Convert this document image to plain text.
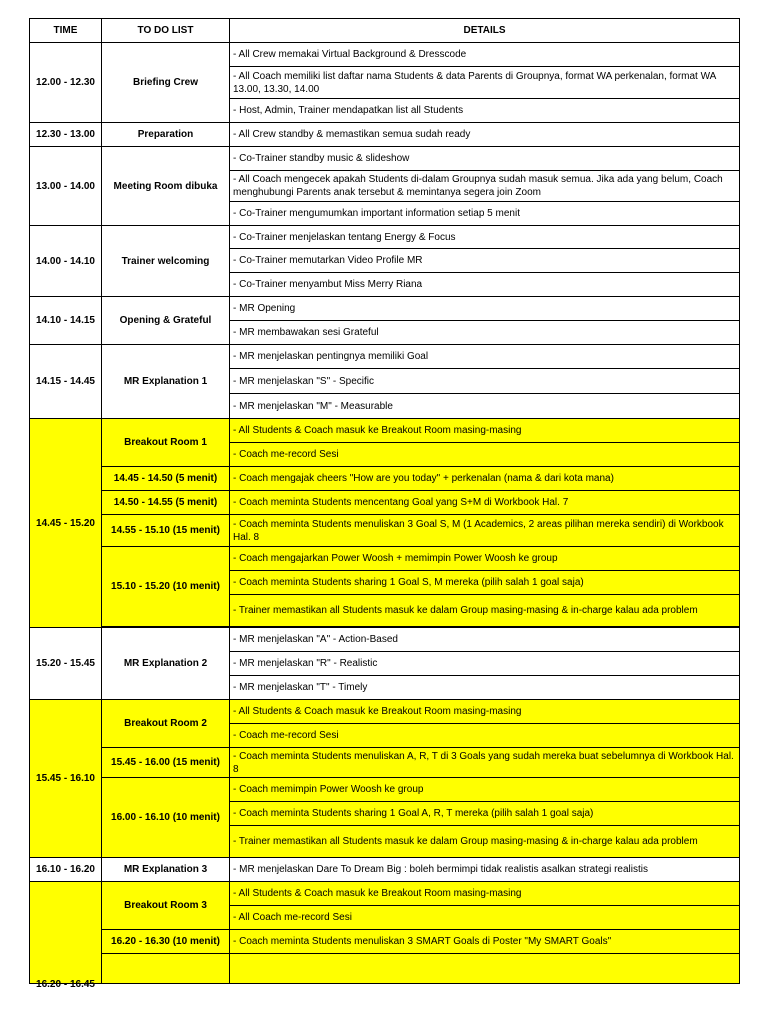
TIME	TO DO LIST	DETAILS
12.00 - 12.30	Briefing Crew	- All Crew memakai Virtual Background & Dresscode
		- All Coach memiliki list daftar nama Students & data Parents di Groupnya, format WA perkenalan, format WA 13.00, 13.30, 14.00
		- Host, Admin, Trainer mendapatkan list all Students
12.30 - 13.00	Preparation	- All Crew standby & memastikan semua sudah ready
13.00 - 14.00	Meeting Room dibuka	- Co-Trainer standby music & slideshow
		- All Coach mengecek apakah Students di-dalam Groupnya sudah masuk semua. Jika ada yang belum, Coach menghubungi Parents anak tersebut & memintanya segera join Zoom
		- Co-Trainer mengumumkan important information setiap 5 menit
14.00 - 14.10	Trainer welcoming	- Co-Trainer menjelaskan tentang Energy & Focus
		- Co-Trainer memutarkan Video Profile MR
		- Co-Trainer menyambut Miss Merry Riana
14.10 - 14.15	Opening & Grateful	- MR Opening
		- MR membawakan sesi Grateful
14.15 - 14.45	MR Explanation 1	- MR menjelaskan pentingnya memiliki Goal
		- MR menjelaskan "S" - Specific
		- MR menjelaskan "M" - Measurable
14.45 - 15.20	Breakout Room 1	- All Students & Coach masuk ke Breakout Room masing-masing
		- Coach me-record Sesi
	14.45 - 14.50 (5 menit)	- Coach mengajak cheers "How are you today" + perkenalan (nama & dari kota mana)
	14.50 - 14.55 (5 menit)	- Coach meminta Students mencentang Goal yang S+M di Workbook Hal. 7
	14.55 - 15.10 (15 menit)	- Coach meminta Students menuliskan 3 Goal S, M (1 Academics, 2 areas pilihan mereka sendiri) di Workbook Hal. 8
	15.10 - 15.20 (10 menit)	- Coach mengajarkan Power Woosh + memimpin Power Woosh ke group
		- Coach meminta Students sharing 1 Goal S, M mereka (pilih salah 1 goal saja)
		- Trainer memastikan all Students masuk ke dalam Group masing-masing & in-charge kalau ada problem

15.20 - 15.45	MR Explanation 2	- MR menjelaskan "A" - Action-Based
		- MR menjelaskan "R" - Realistic
		- MR menjelaskan "T" - Timely
15.45 - 16.10	Breakout Room 2	- All Students & Coach masuk ke Breakout Room masing-masing
		- Coach me-record Sesi
	15.45 - 16.00 (15 menit)	- Coach meminta Students menuliskan A, R, T di 3 Goals yang sudah mereka buat sebelumnya di Workbook Hal. 8
	16.00 - 16.10 (10 menit)	- Coach memimpin Power Woosh ke group
		- Coach meminta Students sharing 1 Goal A, R, T mereka (pilih salah 1 goal saja)
		- Trainer memastikan all Students masuk ke dalam Group masing-masing & in-charge kalau ada problem
16.10 - 16.20	MR Explanation 3	- MR menjelaskan Dare To Dream Big : boleh bermimpi tidak realistis asalkan strategi realistis

16.20 - 16.45	Breakout Room 3	- All Students & Coach masuk ke Breakout Room masing-masing
		- All Coach me-record Sesi
	16.20 - 16.30 (10 menit)	- Coach meminta Students menuliskan 3 SMART Goals di Poster "My SMART Goals"
